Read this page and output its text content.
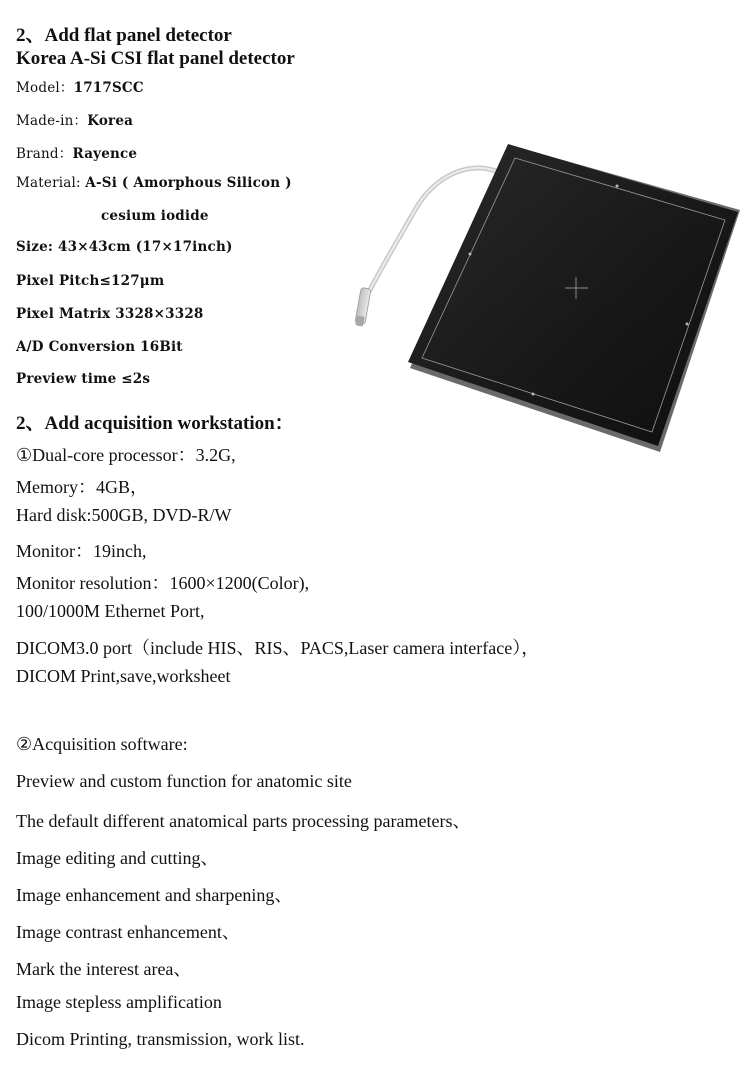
2、Add flat panel detector
Korea A-Si CSI flat panel detector
Model：1717SCC
Made-in：Korea
Brand：Rayence
Material: A-Si ( Amorphous Silicon )
cesium iodide
Size: 43×43cm (17×17inch)
Pixel Pitch≤127μm
Pixel Matrix 3328×3328
A/D Conversion 16Bit
Preview time ≤2s
2、Add acquisition workstation：
①Dual-core processor：3.2G,
Memory：4GB，
Hard disk:500GB, DVD-R/W
Monitor：19inch,
Monitor resolution：1600×1200(Color),
100/1000M Ethernet Port,
DICOM3.0 port（include HIS、RIS、PACS,Laser camera interface），
DICOM Print,save,worksheet
②Acquisition software:
Preview and custom function for anatomic site
The default different anatomical parts processing parameters、
Image editing and cutting、
Image enhancement and sharpening、
Image contrast enhancement、
Mark the interest area、
Image stepless amplification
Dicom Printing, transmission, work list.
